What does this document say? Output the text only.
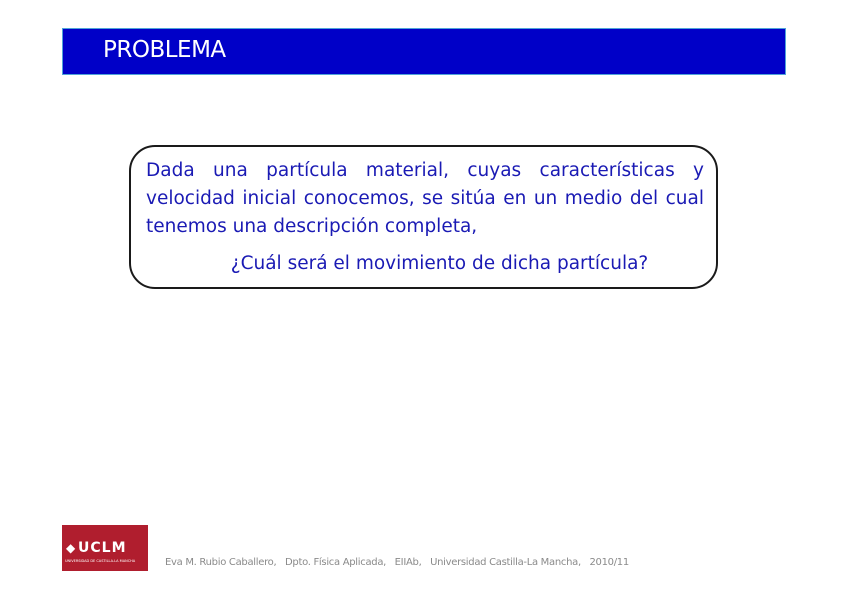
PROBLEMA
Dada una partícula material, cuyas características y velocidad inicial conocemos, se sitúa en un medio del cual tenemos una descripción completa,
¿Cuál será el movimiento de dicha partícula?
◆ UCLM
UNIVERSIDAD DE CASTILLA-LA MANCHA	Eva M. Rubio Caballero,   Dpto. Física Aplicada,   EIIAb,   Universidad Castilla-La Mancha,   2010/11
